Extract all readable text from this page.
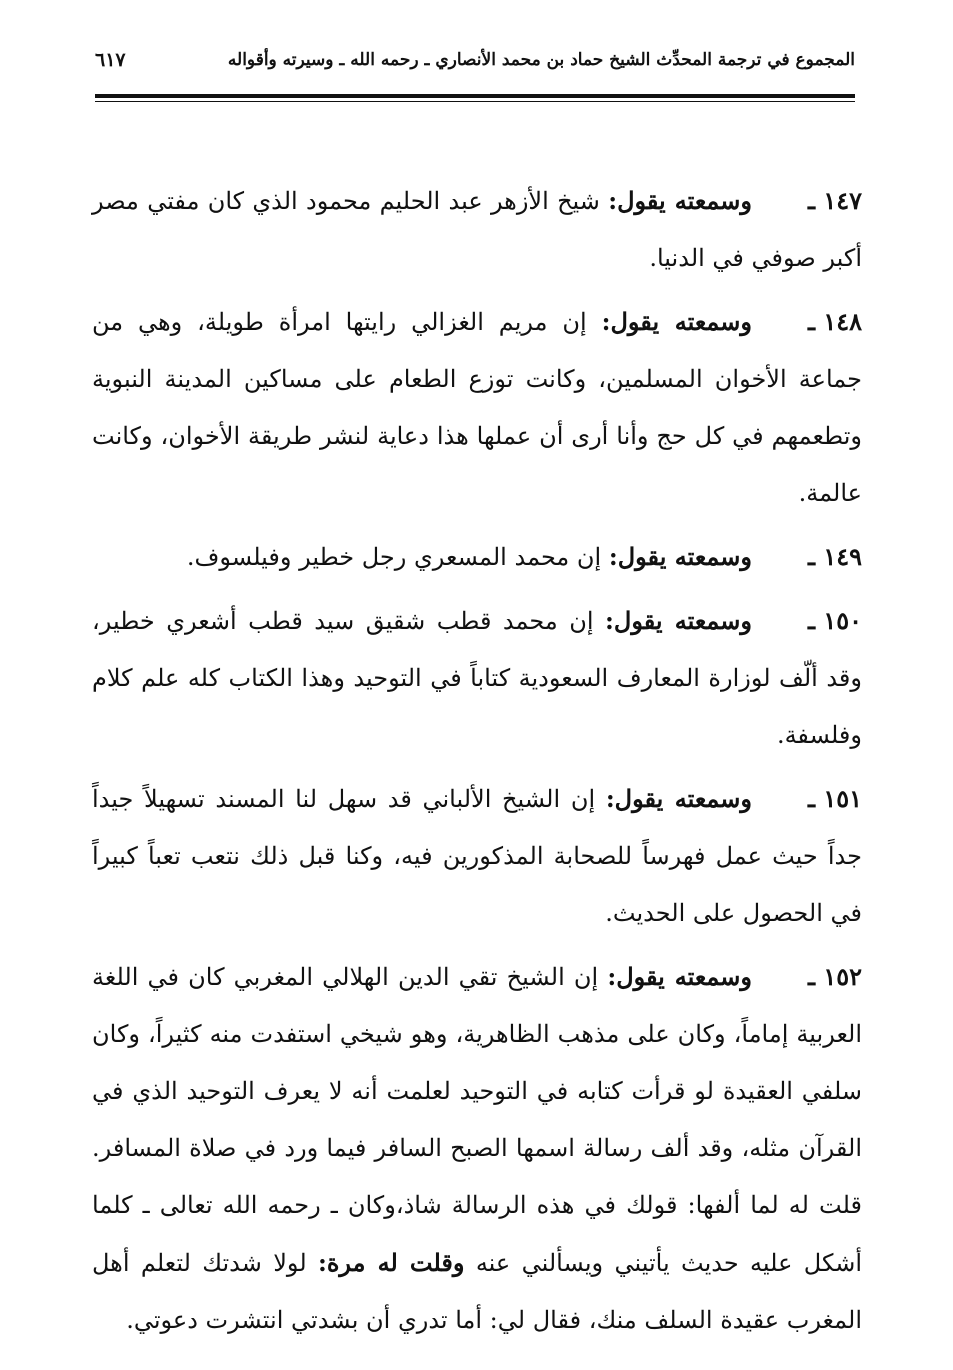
المجموع في ترجمة المحدِّث الشيخ حماد بن محمد الأنصاري ـ رحمه الله ـ وسيرته وأقواله
٦١٧

١٤٧ ـوسمعته يقول: شيخ الأزهر عبد الحليم محمود الذي كان مفتي مصر أكبر صوفي في الدنيا.

١٤٨ ـوسمعته يقول: إن مريم الغزالي رايتها امرأة طويلة، وهي من جماعة الأخوان المسلمين، وكانت توزع الطعام على مساكين المدينة النبوية وتطعمهم في كل حج وأنا أرى أن عملها هذا دعاية لنشر طريقة الأخوان، وكانت عالمة.

١٤٩ ـوسمعته يقول: إن محمد المسعري رجل خطير وفيلسوف.

١٥٠ ـوسمعته يقول: إن محمد قطب شقيق سيد قطب أشعري خطير، وقد ألّف لوزارة المعارف السعودية كتاباً في التوحيد وهذا الكتاب كله علم كلام وفلسفة.

١٥١ ـوسمعته يقول: إن الشيخ الألباني قد سهل لنا المسند تسهيلاً جيداً جداً حيث عمل فهرساً للصحابة المذكورين فيه، وكنا قبل ذلك نتعب تعباً كبيراً في الحصول على الحديث.

١٥٢ ـوسمعته يقول: إن الشيخ تقي الدين الهلالي المغربي كان في اللغة العربية إماماً، وكان على مذهب الظاهرية، وهو شيخي استفدت منه كثيراً، وكان سلفي العقيدة لو قرأت كتابه في التوحيد لعلمت أنه لا يعرف التوحيد الذي في القرآن مثله، وقد ألف رسالة اسمها الصبح السافر فيما ورد في صلاة المسافر. قلت له لما ألفها: قولك في هذه الرسالة شاذ،وكان ـ رحمه الله تعالى ـ كلما أشكل عليه حديث يأتيني ويسألني عنه وقلت له مرة: لولا شدتك لتعلم أهل المغرب عقيدة السلف منك، فقال لي: أما تدري أن بشدتي انتشرت دعوتي.
